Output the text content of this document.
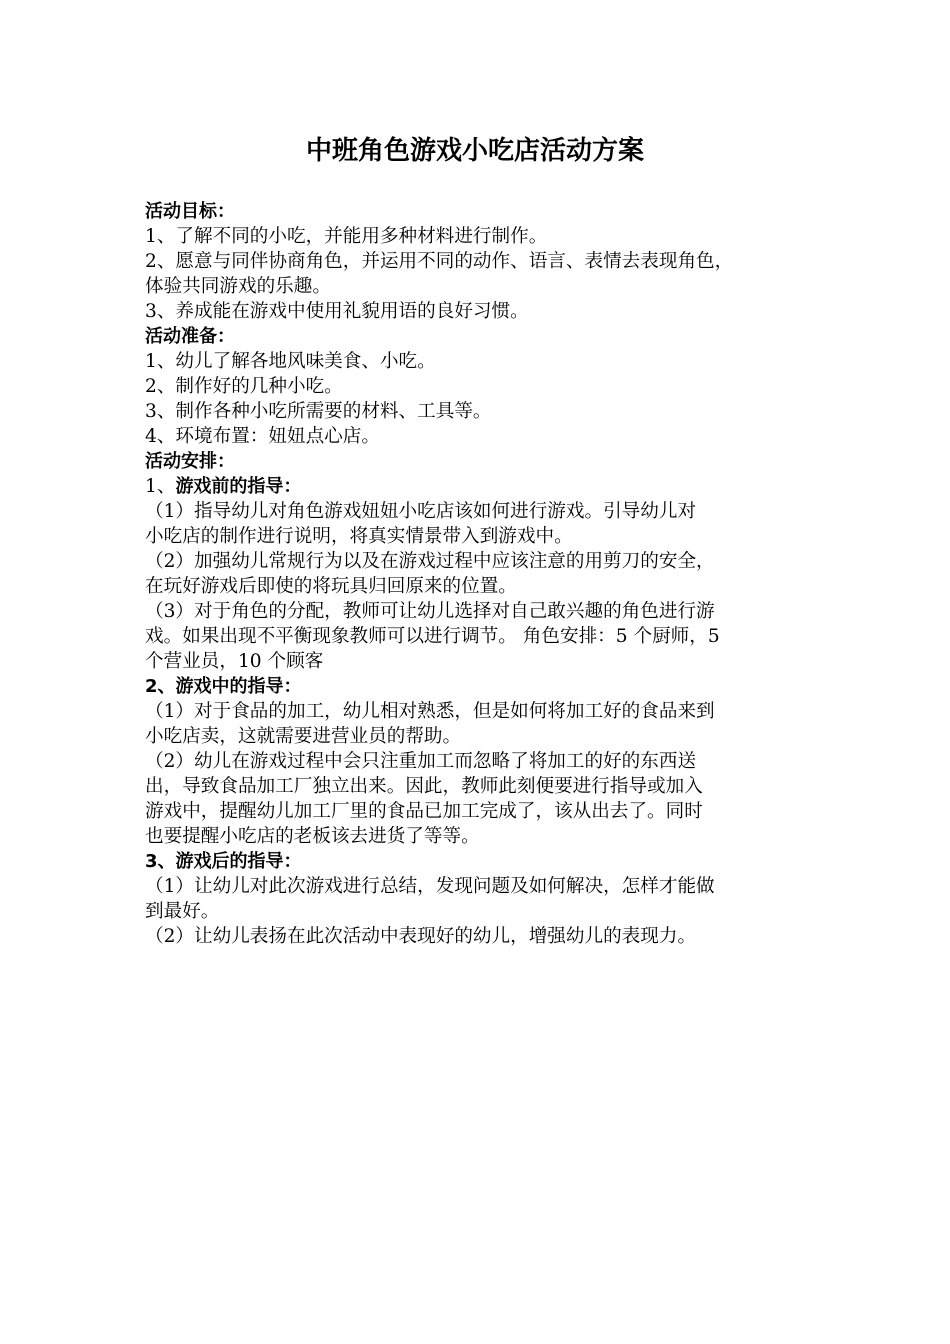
中班角色游戏小吃店活动方案
活动目标：
1、了解不同的小吃，并能用多种材料进行制作。
2、愿意与同伴协商角色，并运用不同的动作、语言、表情去表现角色，
体验共同游戏的乐趣。
3、养成能在游戏中使用礼貌用语的良好习惯。
活动准备：
1、幼儿了解各地风味美食、小吃。
2、制作好的几种小吃。
3、制作各种小吃所需要的材料、工具等。
4、环境布置：妞妞点心店。
活动安排：
1、游戏前的指导：
（1）指导幼儿对角色游戏妞妞小吃店该如何进行游戏。引导幼儿对
小吃店的制作进行说明，将真实情景带入到游戏中。
（2）加强幼儿常规行为以及在游戏过程中应该注意的用剪刀的安全，
在玩好游戏后即使的将玩具归回原来的位置。
（3）对于角色的分配，教师可让幼儿选择对自己敢兴趣的角色进行游
戏。如果出现不平衡现象教师可以进行调节。 角色安排：5 个厨师，5
个营业员，10 个顾客
2、游戏中的指导：
（1）对于食品的加工，幼儿相对熟悉，但是如何将加工好的食品来到
小吃店卖，这就需要进营业员的帮助。
（2）幼儿在游戏过程中会只注重加工而忽略了将加工的好的东西送
出，导致食品加工厂独立出来。因此，教师此刻便要进行指导或加入
游戏中，提醒幼儿加工厂里的食品已加工完成了，该从出去了。同时
也要提醒小吃店的老板该去进货了等等。
3、游戏后的指导：
（1）让幼儿对此次游戏进行总结，发现问题及如何解决，怎样才能做
到最好。
（2）让幼儿表扬在此次活动中表现好的幼儿，增强幼儿的表现力。
